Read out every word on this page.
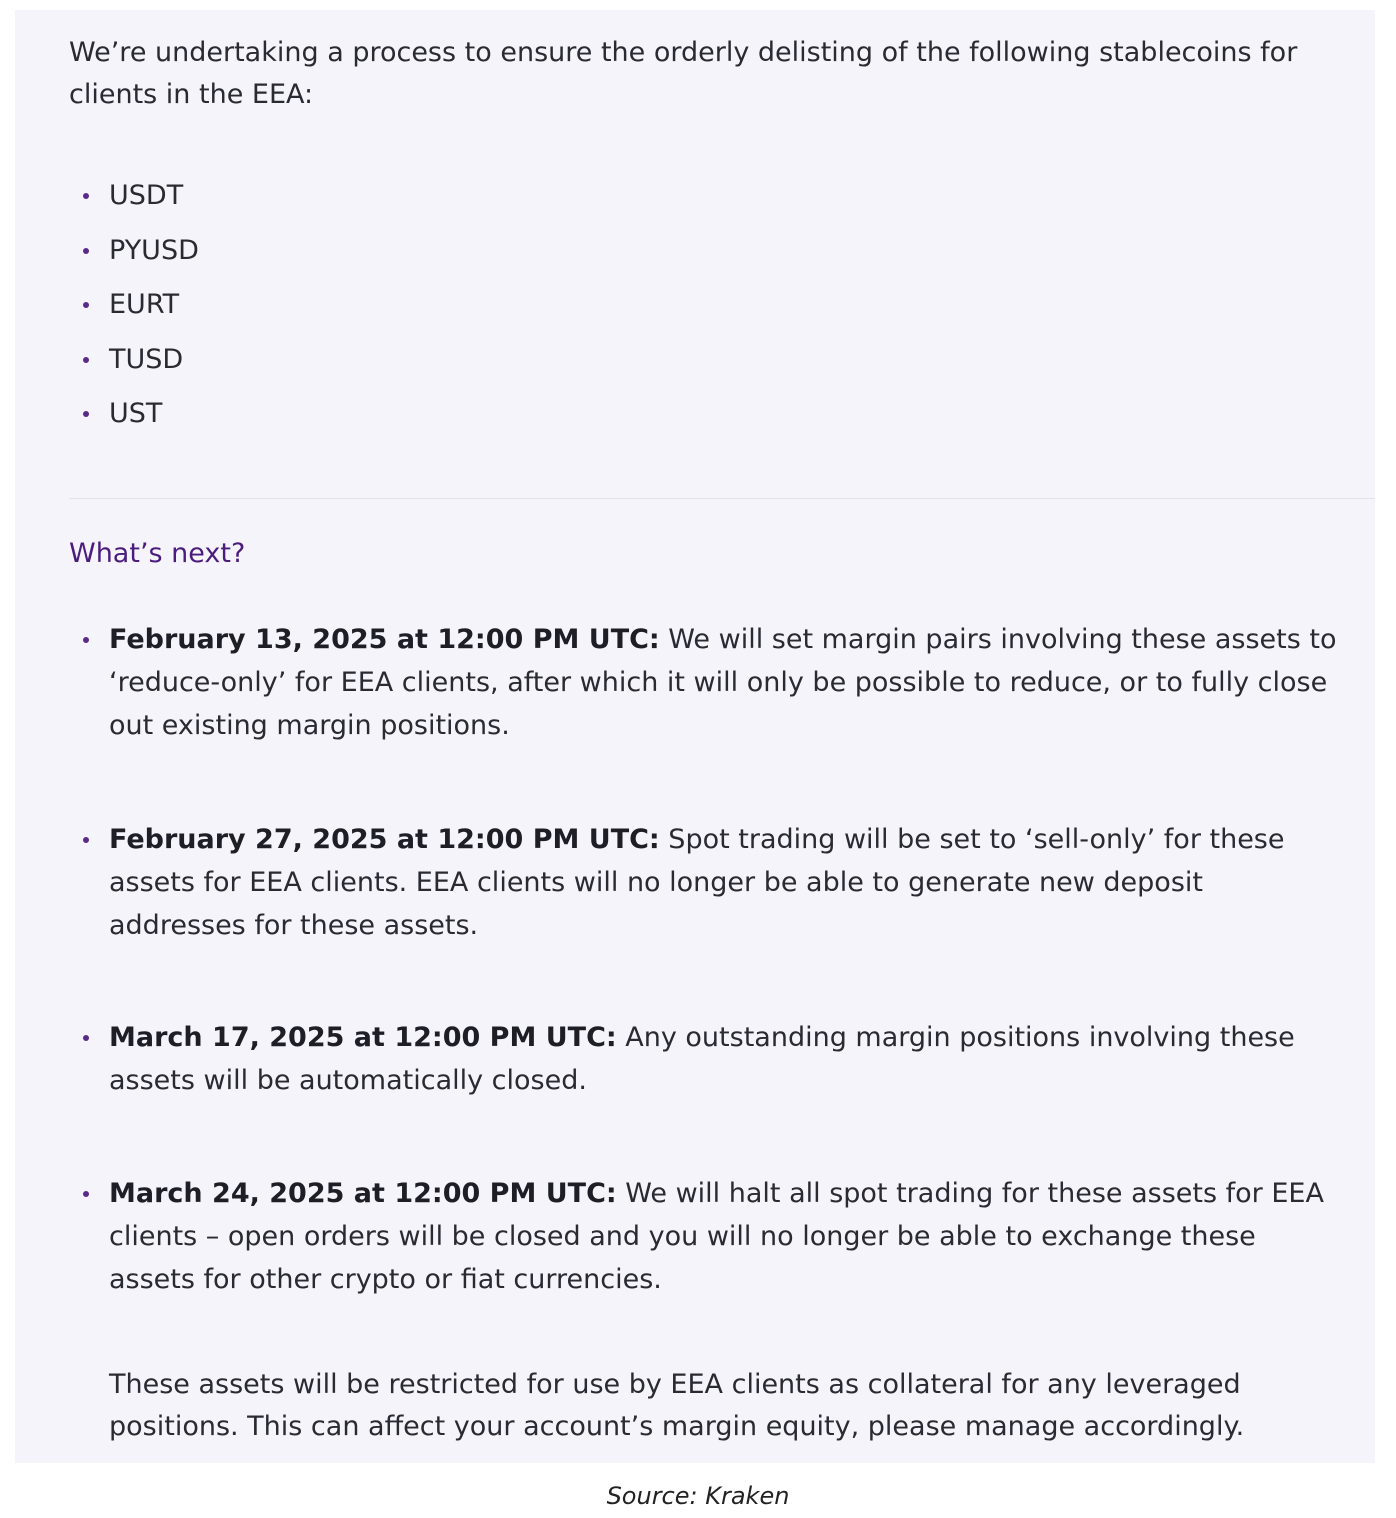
We’re undertaking a process to ensure the orderly delisting of the following stablecoins for clients in the EEA:

USDT
PYUSD
EURT
TUSD
UST
What’s next?
February 13, 2025 at 12:00 PM UTC: We will set margin pairs involving these assets to ‘reduce-only’ for EEA clients, after which it will only be possible to reduce, or to fully close out existing margin positions.
February 27, 2025 at 12:00 PM UTC: Spot trading will be set to ‘sell-only’ for these assets for EEA clients. EEA clients will no longer be able to generate new deposit addresses for these assets.
March 17, 2025 at 12:00 PM UTC: Any outstanding margin positions involving these assets will be automatically closed.
March 24, 2025 at 12:00 PM UTC: We will halt all spot trading for these assets for EEA clients – open orders will be closed and you will no longer be able to exchange these assets for other crypto or fiat currencies.

These assets will be restricted for use by EEA clients as collateral for any leveraged positions. This can affect your account’s margin equity, please manage accordingly.

Source: Kraken
